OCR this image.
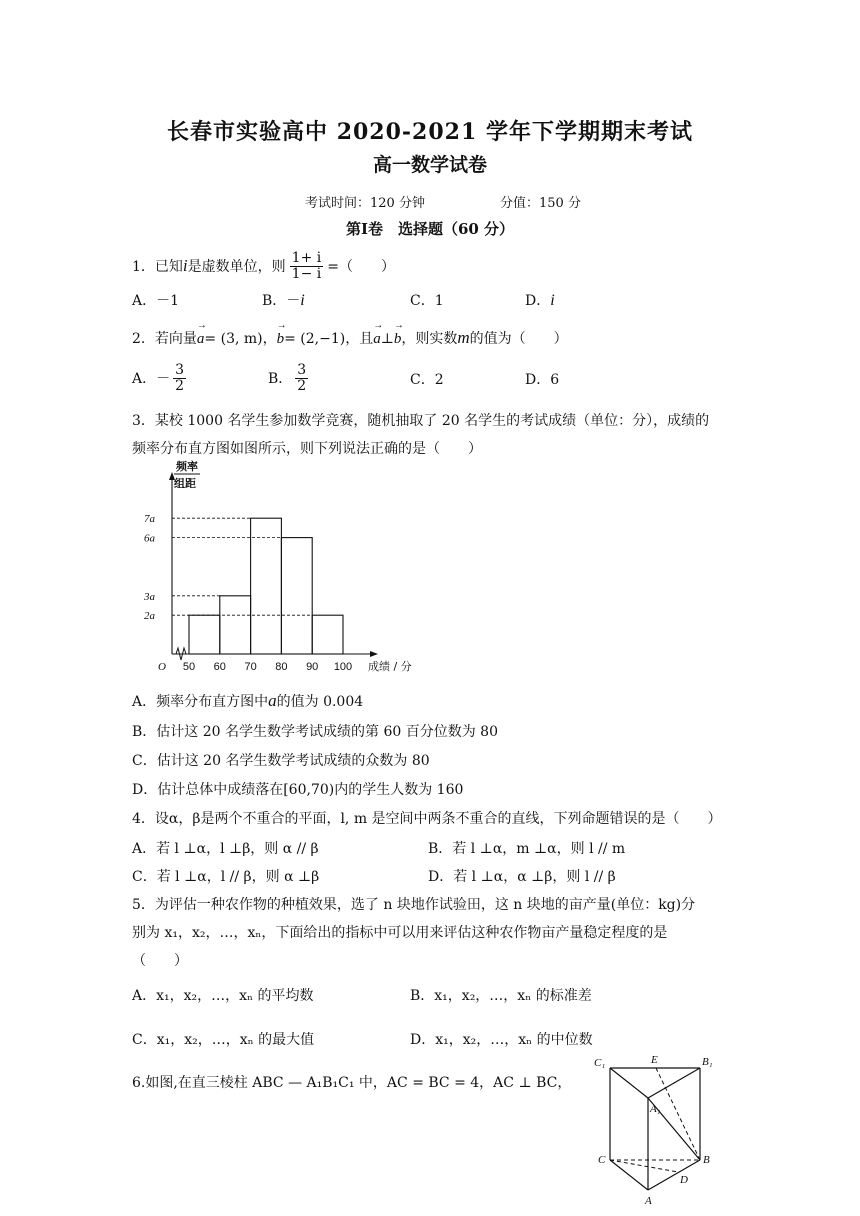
长春市实验高中 2020-2021 学年下学期期末考试
高一数学试卷
考试时间：120 分钟	分值：150 分
第Ⅰ卷　选择题（60 分）
1．已知 i 是虚数单位，则 $\frac{1+ i}{1- i}$ =（　　）
A．－1	B．－i	C．1	D．i
2．若向量→ a= (3, m)，→ b= (2,−1)，且→ a⊥→ b，则实数m的值为（　　）
A．－ $\frac{3}{2}$	B． $\frac{3}{2}$	C．2	D．6
3．某校 1000 名学生参加数学竞赛，随机抽取了 20 名学生的考试成绩（单位：分），成绩的
频率分布直方图如图所示，则下列说法正确的是（　　）
2a
3a
6a
7a
50 60 70 80 90 100
O	成绩 / 分
频率
组距
A．频率分布直方图中a的值为 0.004
B．估计这 20 名学生数学考试成绩的第 60 百分位数为 80
C．估计这 20 名学生数学考试成绩的众数为 80
D．估计总体中成绩落在[60,70)内的学生人数为 160
4．设α，β是两个不重合的平面，l, m 是空间中两条不重合的直线，下列命题错误的是（　　）
A．若 l ⊥α，l ⊥β，则 α // β	B．若 l ⊥α，m ⊥α，则 l // m
C．若 l ⊥α，l // β，则 α ⊥β	D．若 l ⊥α，α ⊥β，则 l // β
5．为评估一种农作物的种植效果，选了 n 块地作试验田，这 n 块地的亩产量(单位：kg)分
别为 x₁，x₂，…，xₙ，下面给出的指标中可以用来评估这种农作物亩产量稳定程度的是
（　　）
A．x₁，x₂，…，xₙ 的平均数	B．x₁，x₂，…，xₙ 的标准差
C．x₁，x₂，…，xₙ 的最大值	D．x₁，x₂，…，xₙ 的中位数
6.如图,在直三棱柱 ABC — A₁B₁C₁ 中，AC = BC = 4，AC ⊥ BC，
C₁	E	B₁
A₁
C	B
D
A
